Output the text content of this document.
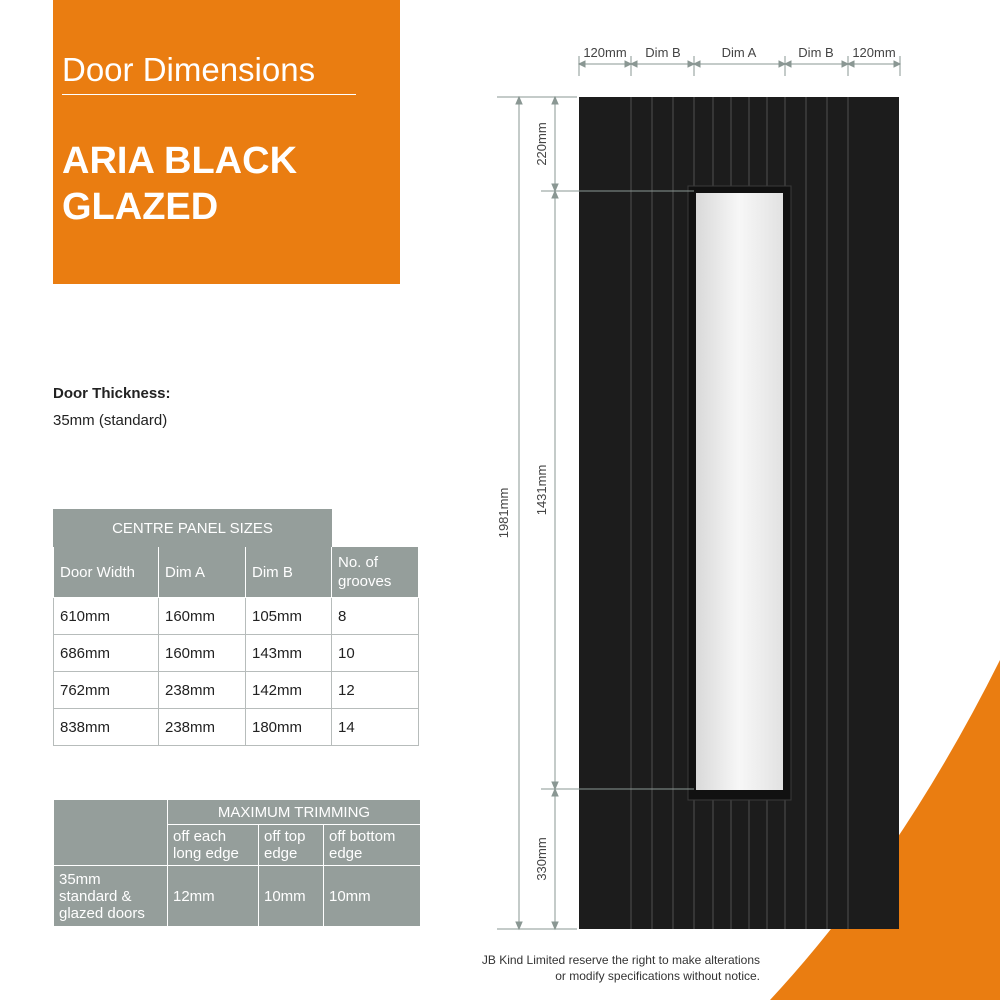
Door Dimensions
ARIA BLACK
GLAZED
Door Thickness:
35mm (standard)
CENTRE PANEL SIZES			
Door Width	Dim A	Dim B	No. of grooves
610mm	160mm	105mm	8
686mm	160mm	143mm	10
762mm	238mm	142mm	12
838mm	238mm	180mm	14
	MAXIMUM TRIMMING		
	off each long edge	off top edge	off bottom edge
35mm standard & glazed doors	12mm	10mm	10mm
120mm Dim B	Dim A	Dim B 120mm
1981mm
220mm
1431mm
330mm
JB Kind Limited reserve the right to make alterations
or modify specifications without notice.
